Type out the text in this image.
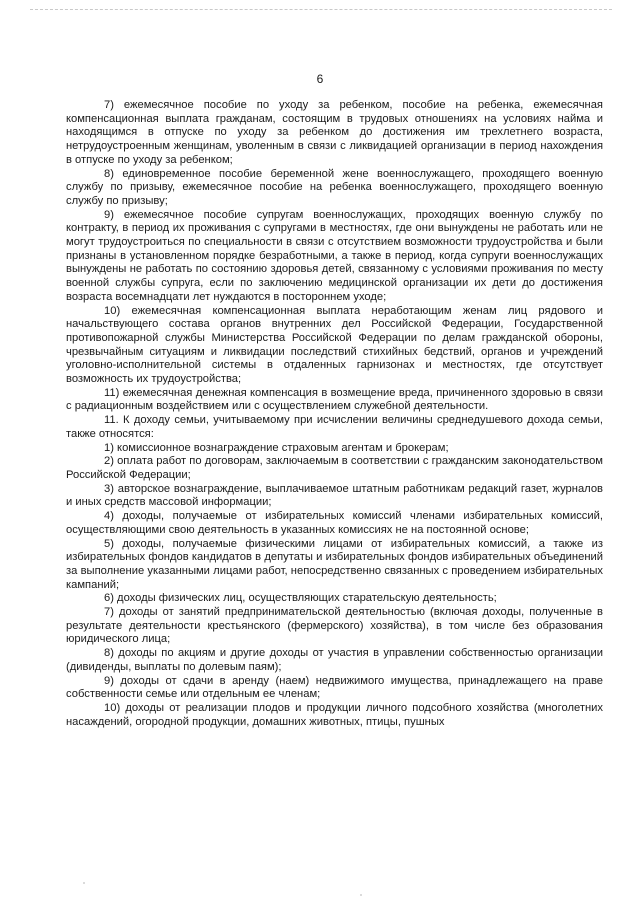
6

7) ежемесячное пособие по уходу за ребенком, пособие на ребенка, ежемесячная компенсационная выплата гражданам, состоящим в трудовых отношениях на условиях найма и находящимся в отпуске по уходу за ребенком до достижения им трехлетнего возраста, нетрудоустроенным женщинам, уволенным в связи с ликвидацией организации в период нахождения в отпуске по уходу за ребенком;

8) единовременное пособие беременной жене военнослужащего, проходящего военную службу по призыву, ежемесячное пособие на ребенка военнослужащего, проходящего военную службу по призыву;

9) ежемесячное пособие супругам военнослужащих, проходящих военную службу по контракту, в период их проживания с супругами в местностях, где они вынуждены не работать или не могут трудоустроиться по специальности в связи с отсутствием возможности трудоустройства и были признаны в установленном порядке безработными, а также в период, когда супруги военнослужащих вынуждены не работать по состоянию здоровья детей, связанному с условиями проживания по месту военной службы супруга, если по заключению медицинской организации их дети до достижения возраста восемнадцати лет нуждаются в постороннем уходе;

10) ежемесячная компенсационная выплата неработающим женам лиц рядового и начальствующего состава органов внутренних дел Российской Федерации, Государственной противопожарной службы Министерства Российской Федерации по делам гражданской обороны, чрезвычайным ситуациям и ликвидации последствий стихийных бедствий, органов и учреждений уголовно-исполнительной системы в отдаленных гарнизонах и местностях, где отсутствует возможность их трудоустройства;

11) ежемесячная денежная компенсация в возмещение вреда, причиненного здоровью в связи с радиационным воздействием или с осуществлением служебной деятельности.

11. К доходу семьи, учитываемому при исчислении величины среднедушевого дохода семьи, также относятся:

1) комиссионное вознаграждение страховым агентам и брокерам;

2) оплата работ по договорам, заключаемым в соответствии с гражданским законодательством Российской Федерации;

3) авторское вознаграждение, выплачиваемое штатным работникам редакций газет, журналов и иных средств массовой информации;

4) доходы, получаемые от избирательных комиссий членами избирательных комиссий, осуществляющими свою деятельность в указанных комиссиях не на постоянной основе;

5) доходы, получаемые физическими лицами от избирательных комиссий, а также из избирательных фондов кандидатов в депутаты и избирательных фондов избирательных объединений за выполнение указанными лицами работ, непосредственно связанных с проведением избирательных кампаний;

6) доходы физических лиц, осуществляющих старательскую деятельность;

7) доходы от занятий предпринимательской деятельностью (включая доходы, полученные в результате деятельности крестьянского (фермерского) хозяйства), в том числе без образования юридического лица;

8) доходы по акциям и другие доходы от участия в управлении собственностью организации (дивиденды, выплаты по долевым паям);

9) доходы от сдачи в аренду (наем) недвижимого имущества, принадлежащего на праве собственности семье или отдельным ее членам;

10) доходы от реализации плодов и продукции личного подсобного хозяйства (многолетних насаждений, огородной продукции, домашних животных, птицы, пушных
